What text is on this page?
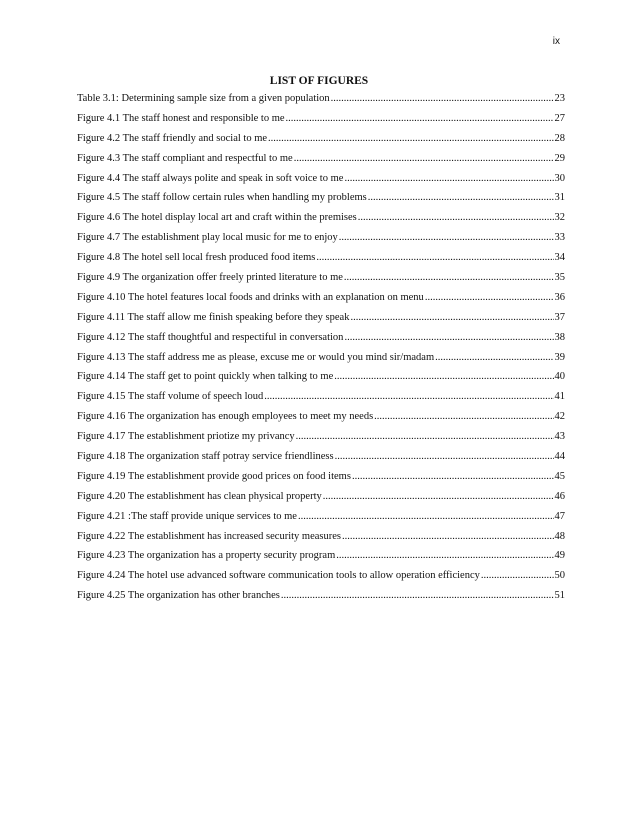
ix
LIST OF FIGURES
Table 3.1: Determining sample size from a given population .....	23
Figure 4.1 The staff honest and responsible to me .....	27
Figure 4.2 The staff friendly and social to me .....	28
Figure 4.3 The staff compliant and respectful to me .....	29
Figure 4.4 The staff always polite and speak in soft voice to me .....	30
Figure 4.5 The staff follow certain rules when handling my problems .....	31
Figure 4.6 The hotel display local art and craft within the premises .....	32
Figure 4.7 The establishment play local music for me to enjoy .....	33
Figure 4.8 The hotel sell local fresh produced food items .....	34
Figure 4.9 The organization offer freely printed literature to me .....	35
Figure 4.10 The hotel features local foods and drinks with an explanation on menu .....	36
Figure 4.11 The staff allow me finish speaking before they speak .....	37
Figure 4.12 The staff thoughtful and respectiful in conversation .....	38
Figure 4.13 The staff address me as please, excuse me or would you mind sir/madam .....	39
Figure 4.14 The staff get to point quickly when talking to me .....	40
Figure 4.15 The staff volume of speech loud .....	41
Figure 4.16 The organization has enough employees to meet my needs .....	42
Figure 4.17 The establishment priotize my privancy .....	43
Figure 4.18 The organization staff potray service friendliness .....	44
Figure 4.19 The establishment provide good prices on food items .....	45
Figure 4.20 The establishment has clean physical property .....	46
Figure 4.21 :The staff provide unique services to me .....	47
Figure 4.22 The establishment has increased security measures .....	48
Figure 4.23 The organization has a property security program .....	49
Figure 4.24 The hotel use advanced software communication tools to allow operation efficiency .....	50
Figure 4.25 The organization has other branches .....	51
